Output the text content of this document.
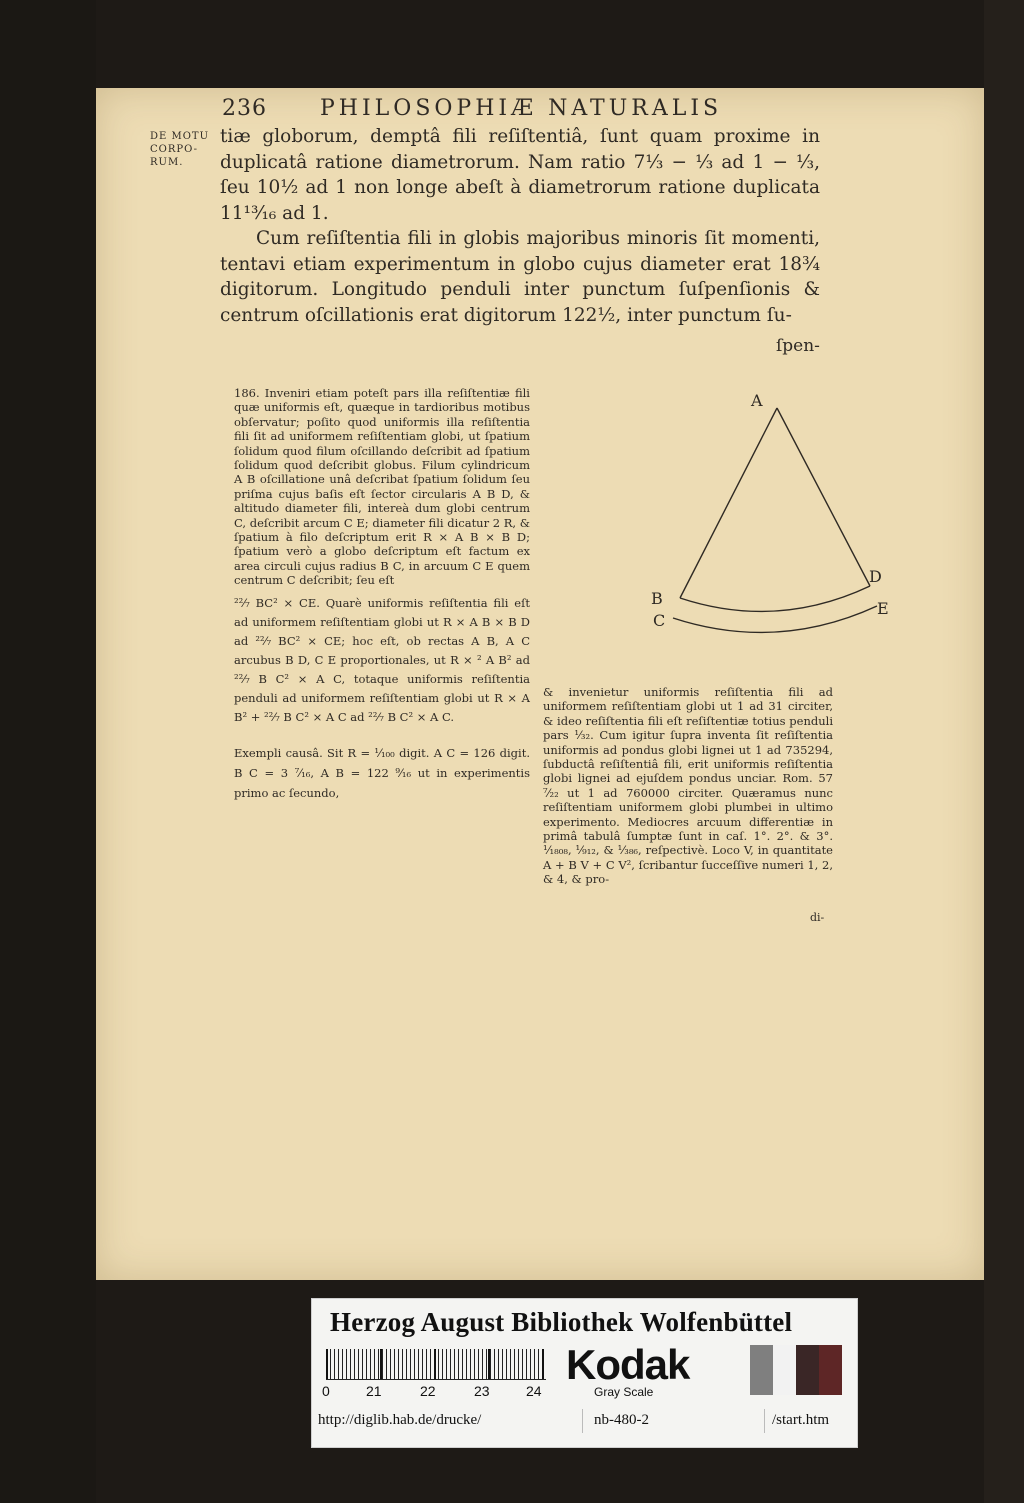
236 PHILOSOPHIÆ NATURALIS
DE MOTU
CORPO-
RUM.

tiæ globorum, demptâ fili reſiſtentiâ, ſunt quam proxime in duplicatâ ratione diametrorum. Nam ratio 7⅓ − ⅓ ad 1 − ⅓, ſeu 10½ ad 1 non longe abeſt à diametrorum ratione duplicata 11¹³⁄₁₆ ad 1.

Cum reſiſtentia fili in globis majoribus minoris ſit momenti, tentavi etiam experimentum in globo cujus diameter erat 18¾ digitorum. Longitudo penduli inter punctum ſuſpenſionis & centrum oſcillationis erat digitorum 122½, inter punctum ſu-

ſpen-

186. Inveniri etiam poteſt pars illa reſiſtentiæ fili quæ uniformis eſt, quæque in tardioribus motibus obſervatur; poſito quod uniformis illa reſiſtentia fili ſit ad uniformem reſiſtentiam globi, ut ſpatium ſolidum quod filum oſcillando deſcribit ad ſpatium ſolidum quod deſcribit globus. Filum cylindricum A B oſcillatione unâ deſcribat ſpatium ſolidum ſeu priſma cujus baſis eſt ſector circularis A B D, & altitudo diameter fili, intereà dum globi centrum C, deſcribit arcum C E; diameter fili dicatur 2 R, & ſpatium à filo deſcriptum erit R × A B × B D; ſpatium verò a globo deſcriptum eſt factum ex area circuli cujus radius B C, in arcuum C E quem centrum C deſcribit; ſeu eſt

²²⁄₇ BC² × CE. Quarè uniformis reſiſtentia fili eſt ad uniformem reſiſtentiam globi ut R × A B × B D ad ²²⁄₇ BC² × CE; hoc eſt, ob rectas A B, A C arcubus B D, C E proportionales, ut R × ² A B² ad ²²⁄₇ B C² × A C, totaque uniformis reſiſtentia penduli ad uniformem reſiſtentiam globi ut R × A B² + ²²⁄₇ B C² × A C ad ²²⁄₇ B C² × A C.

Exempli causâ. Sit R = ¹⁄₁₀₀ digit. A C = 126 digit. B C = 3 ⁷⁄₁₆, A B = 122 ⁹⁄₁₆ ut in experimentis primo ac ſecundo,

A
B
C
D
E

& invenietur uniformis reſiſtentia fili ad uniformem reſiſtentiam globi ut 1 ad 31 circiter, & ideo reſiſtentia fili eſt reſiſtentiæ totius penduli pars ¹⁄₃₂. Cum igitur ſupra inventa ſit reſiſtentia uniformis ad pondus globi lignei ut 1 ad 735294, ſubductâ reſiſtentiâ fili, erit uniformis reſiſtentia globi lignei ad ejuſdem pondus unciar. Rom. 57 ⁷⁄₂₂ ut 1 ad 760000 circiter. Quæramus nunc reſiſtentiam uniformem globi plumbei in ultimo experimento. Mediocres arcuum differentiæ in primâ tabulâ ſumptæ ſunt in caſ. 1°. 2°. & 3°. ¹⁄₁₈₀₈, ¹⁄₉₁₂, & ¹⁄₃₈₆, reſpectivè. Loco V, in quantitate A + B V + C V², ſcribantur ſucceſſive numeri 1, 2, & 4, & pro-

di-
Herzog August Bibliothek Wolfenbüttel
0	21	22	23	24
Kodak
Gray Scale
http://diglib.hab.de/drucke/	nb-480-2	/start.htm
